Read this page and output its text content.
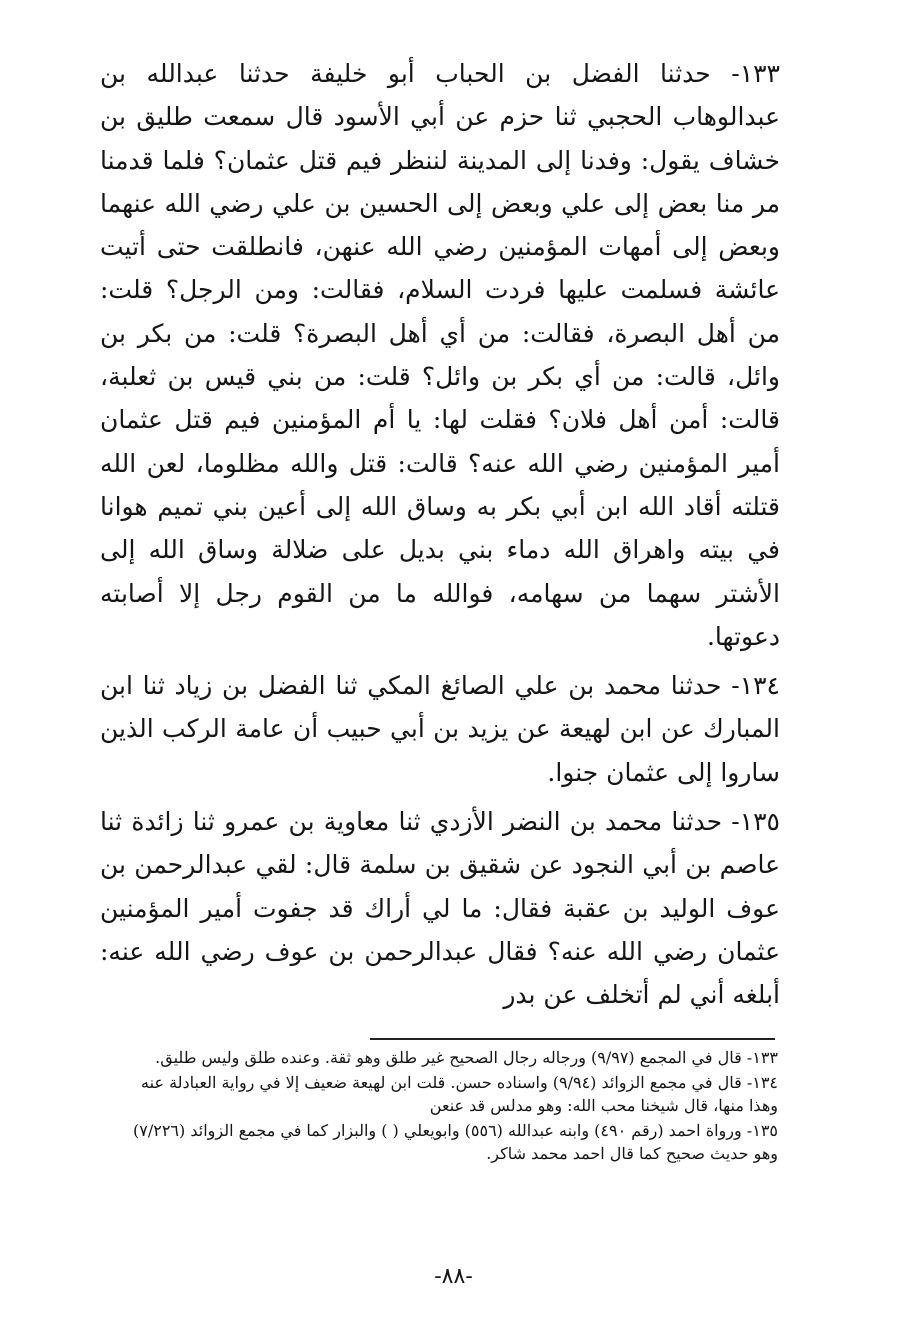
١٣٣- حدثنا الفضل بن الحباب أبو خليفة حدثنا عبدالله بن عبدالوهاب الحجبي ثنا حزم عن أبي الأسود قال سمعت طليق بن خشاف يقول: وفدنا إلى المدينة لننظر فيم قتل عثمان؟ فلما قدمنا مر منا بعض إلى علي وبعض إلى الحسين بن علي رضي الله عنهما وبعض إلى أمهات المؤمنين رضي الله عنهن، فانطلقت حتى أتيت عائشة فسلمت عليها فردت السلام، فقالت: ومن الرجل؟ قلت: من أهل البصرة، فقالت: من أي أهل البصرة؟ قلت: من بكر بن وائل، قالت: من أي بكر بن وائل؟ قلت: من بني قيس بن ثعلبة، قالت: أمن أهل فلان؟ فقلت لها: يا أم المؤمنين فيم قتل عثمان أمير المؤمنين رضي الله عنه؟ قالت: قتل والله مظلوما، لعن الله قتلته أقاد الله ابن أبي بكر به وساق الله إلى أعين بني تميم هوانا في بيته واهراق الله دماء بني بديل على ضلالة وساق الله إلى الأشتر سهما من سهامه، فوالله ما من القوم رجل إلا أصابته دعوتها.

١٣٤- حدثنا محمد بن علي الصائغ المكي ثنا الفضل بن زياد ثنا ابن المبارك عن ابن لهيعة عن يزيد بن أبي حبيب أن عامة الركب الذين ساروا إلى عثمان جنوا.

١٣٥- حدثنا محمد بن النضر الأزدي ثنا معاوية بن عمرو ثنا زائدة ثنا عاصم بن أبي النجود عن شقيق بن سلمة قال: لقي عبدالرحمن بن عوف الوليد بن عقبة فقال: ما لي أراك قد جفوت أمير المؤمنين عثمان رضي الله عنه؟ فقال عبدالرحمن بن عوف رضي الله عنه: أبلغه أني لم أتخلف عن بدر

١٣٣- قال في المجمع (٩/٩٧) ورجاله رجال الصحيح غير طلق وهو ثقة. وعنده طلق وليس طليق.

١٣٤- قال في مجمع الزوائد (٩/٩٤) واسناده حسن. قلت ابن لهيعة ضعيف إلا في رواية العبادلة عنه وهذا منها، قال شيخنا محب الله: وهو مدلس قد عنعن

١٣٥- ورواة احمد (رقم ٤٩٠) وابنه عبدالله (٥٥٦) وابويعلي ( ) والبزار كما في مجمع الزوائد (٧/٢٢٦) وهو حديث صحيح كما قال احمد محمد شاكر.

-٨٨-
